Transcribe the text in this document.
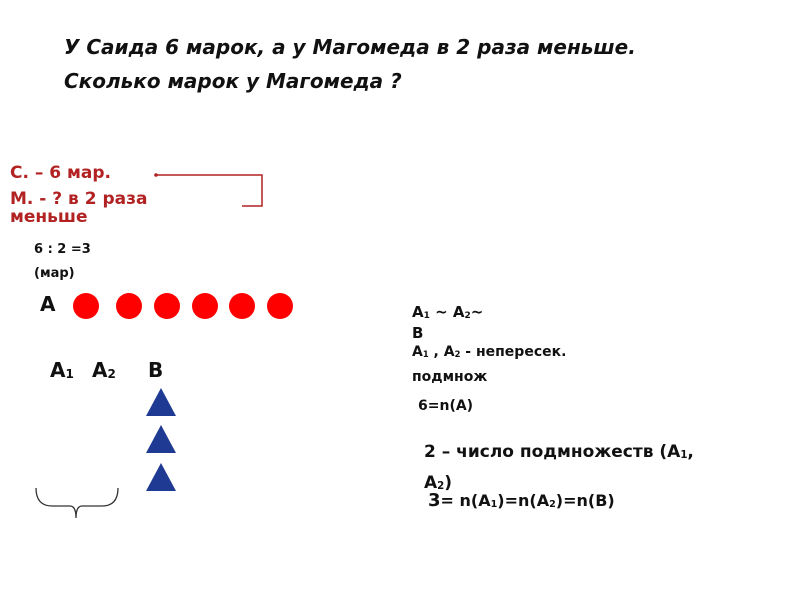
У Саида 6 марок, а у Магомеда в 2 раза меньше.
Сколько марок у Магомеда ?
С. – 6 мар.
М. - ? в 2 раза
меньше
6 : 2 =3
(мар)
А
$А_1$ $А_2$ В
$А_1$ ~ $А_2\sim$
В
$А_1$ , $А_2$ - непересек.
подмнож
6=n(А)
2 – число подмножеств ($А_1$,
$А_2$)
$3= n(А_1)=n(А_2)=n(В)$
